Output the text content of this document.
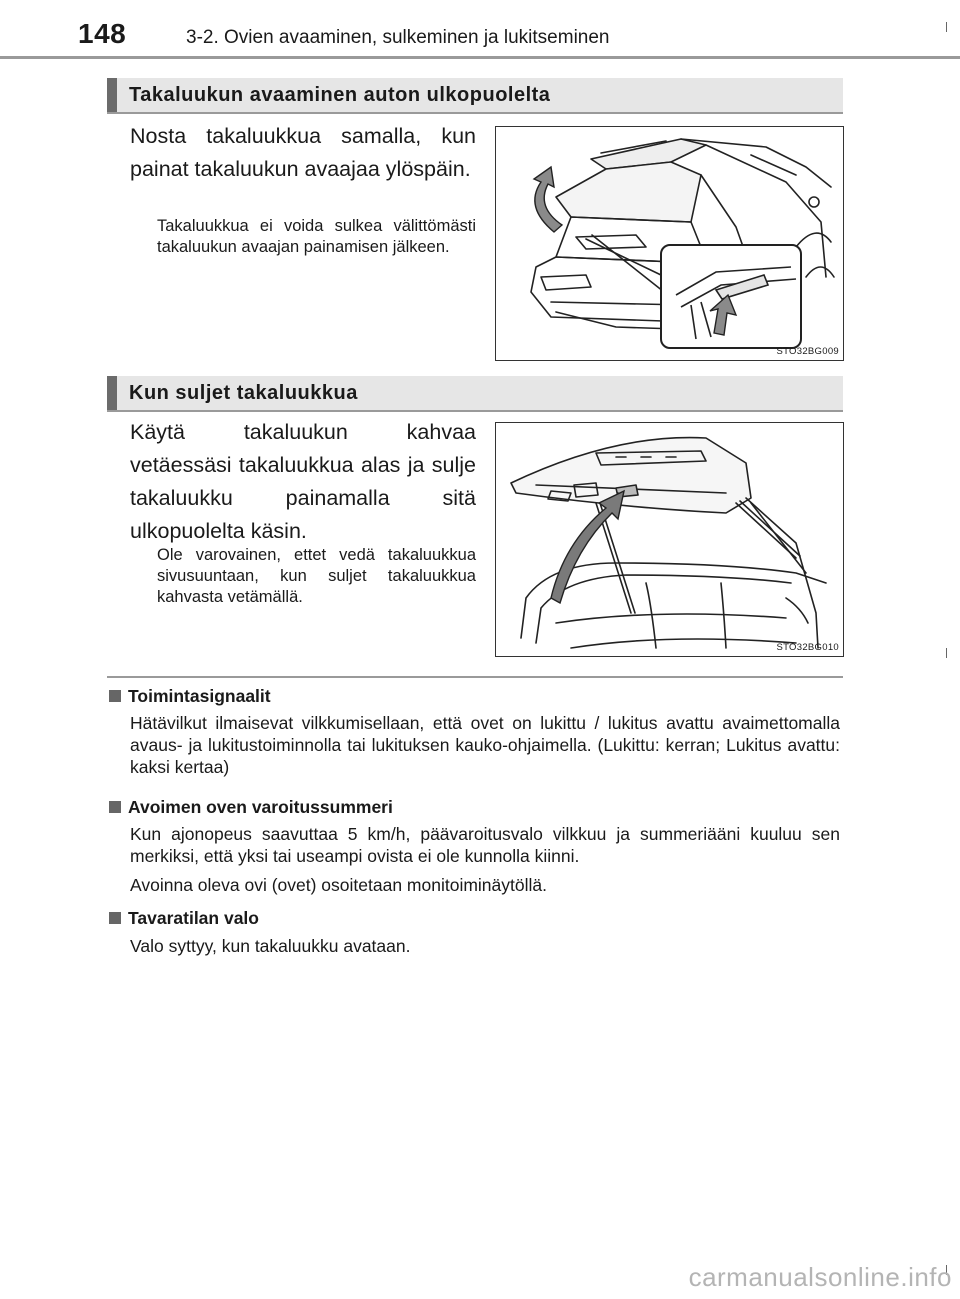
148	3-2. Ovien avaaminen, sulkeminen ja lukitseminen
Takaluukun avaaminen auton ulkopuolelta
Nosta takaluukkua samalla, kun painat takaluukun avaajaa ylöspäin.
Takaluukkua ei voida sulkea välittömästi takaluukun avaajan painamisen jälkeen.
STO32BG009
Kun suljet takaluukkua
Käytä takaluukun kahvaa vetäessäsi takaluukkua alas ja sulje takaluukku painamalla sitä ulkopuolelta käsin.
Ole varovainen, ettet vedä takaluukkua sivusuuntaan, kun suljet takaluukkua kahvasta vetämällä.
STO32BG010
Toimintasignaalit
Hätävilkut ilmaisevat vilkkumisellaan, että ovet on lukittu / lukitus avattu avaimettomalla avaus- ja lukitustoiminnolla tai lukituksen kauko-ohjaimella. (Lukittu: kerran; Lukitus avattu: kaksi kertaa)
Avoimen oven varoitussummeri
Kun ajonopeus saavuttaa 5 km/h, päävaroitusvalo vilkkuu ja summeriääni kuuluu sen merkiksi, että yksi tai useampi ovista ei ole kunnolla kiinni.
Avoinna oleva ovi (ovet) osoitetaan monitoiminäytöllä.
Tavaratilan valo
Valo syttyy, kun takaluukku avataan.
carmanualsonline.info
